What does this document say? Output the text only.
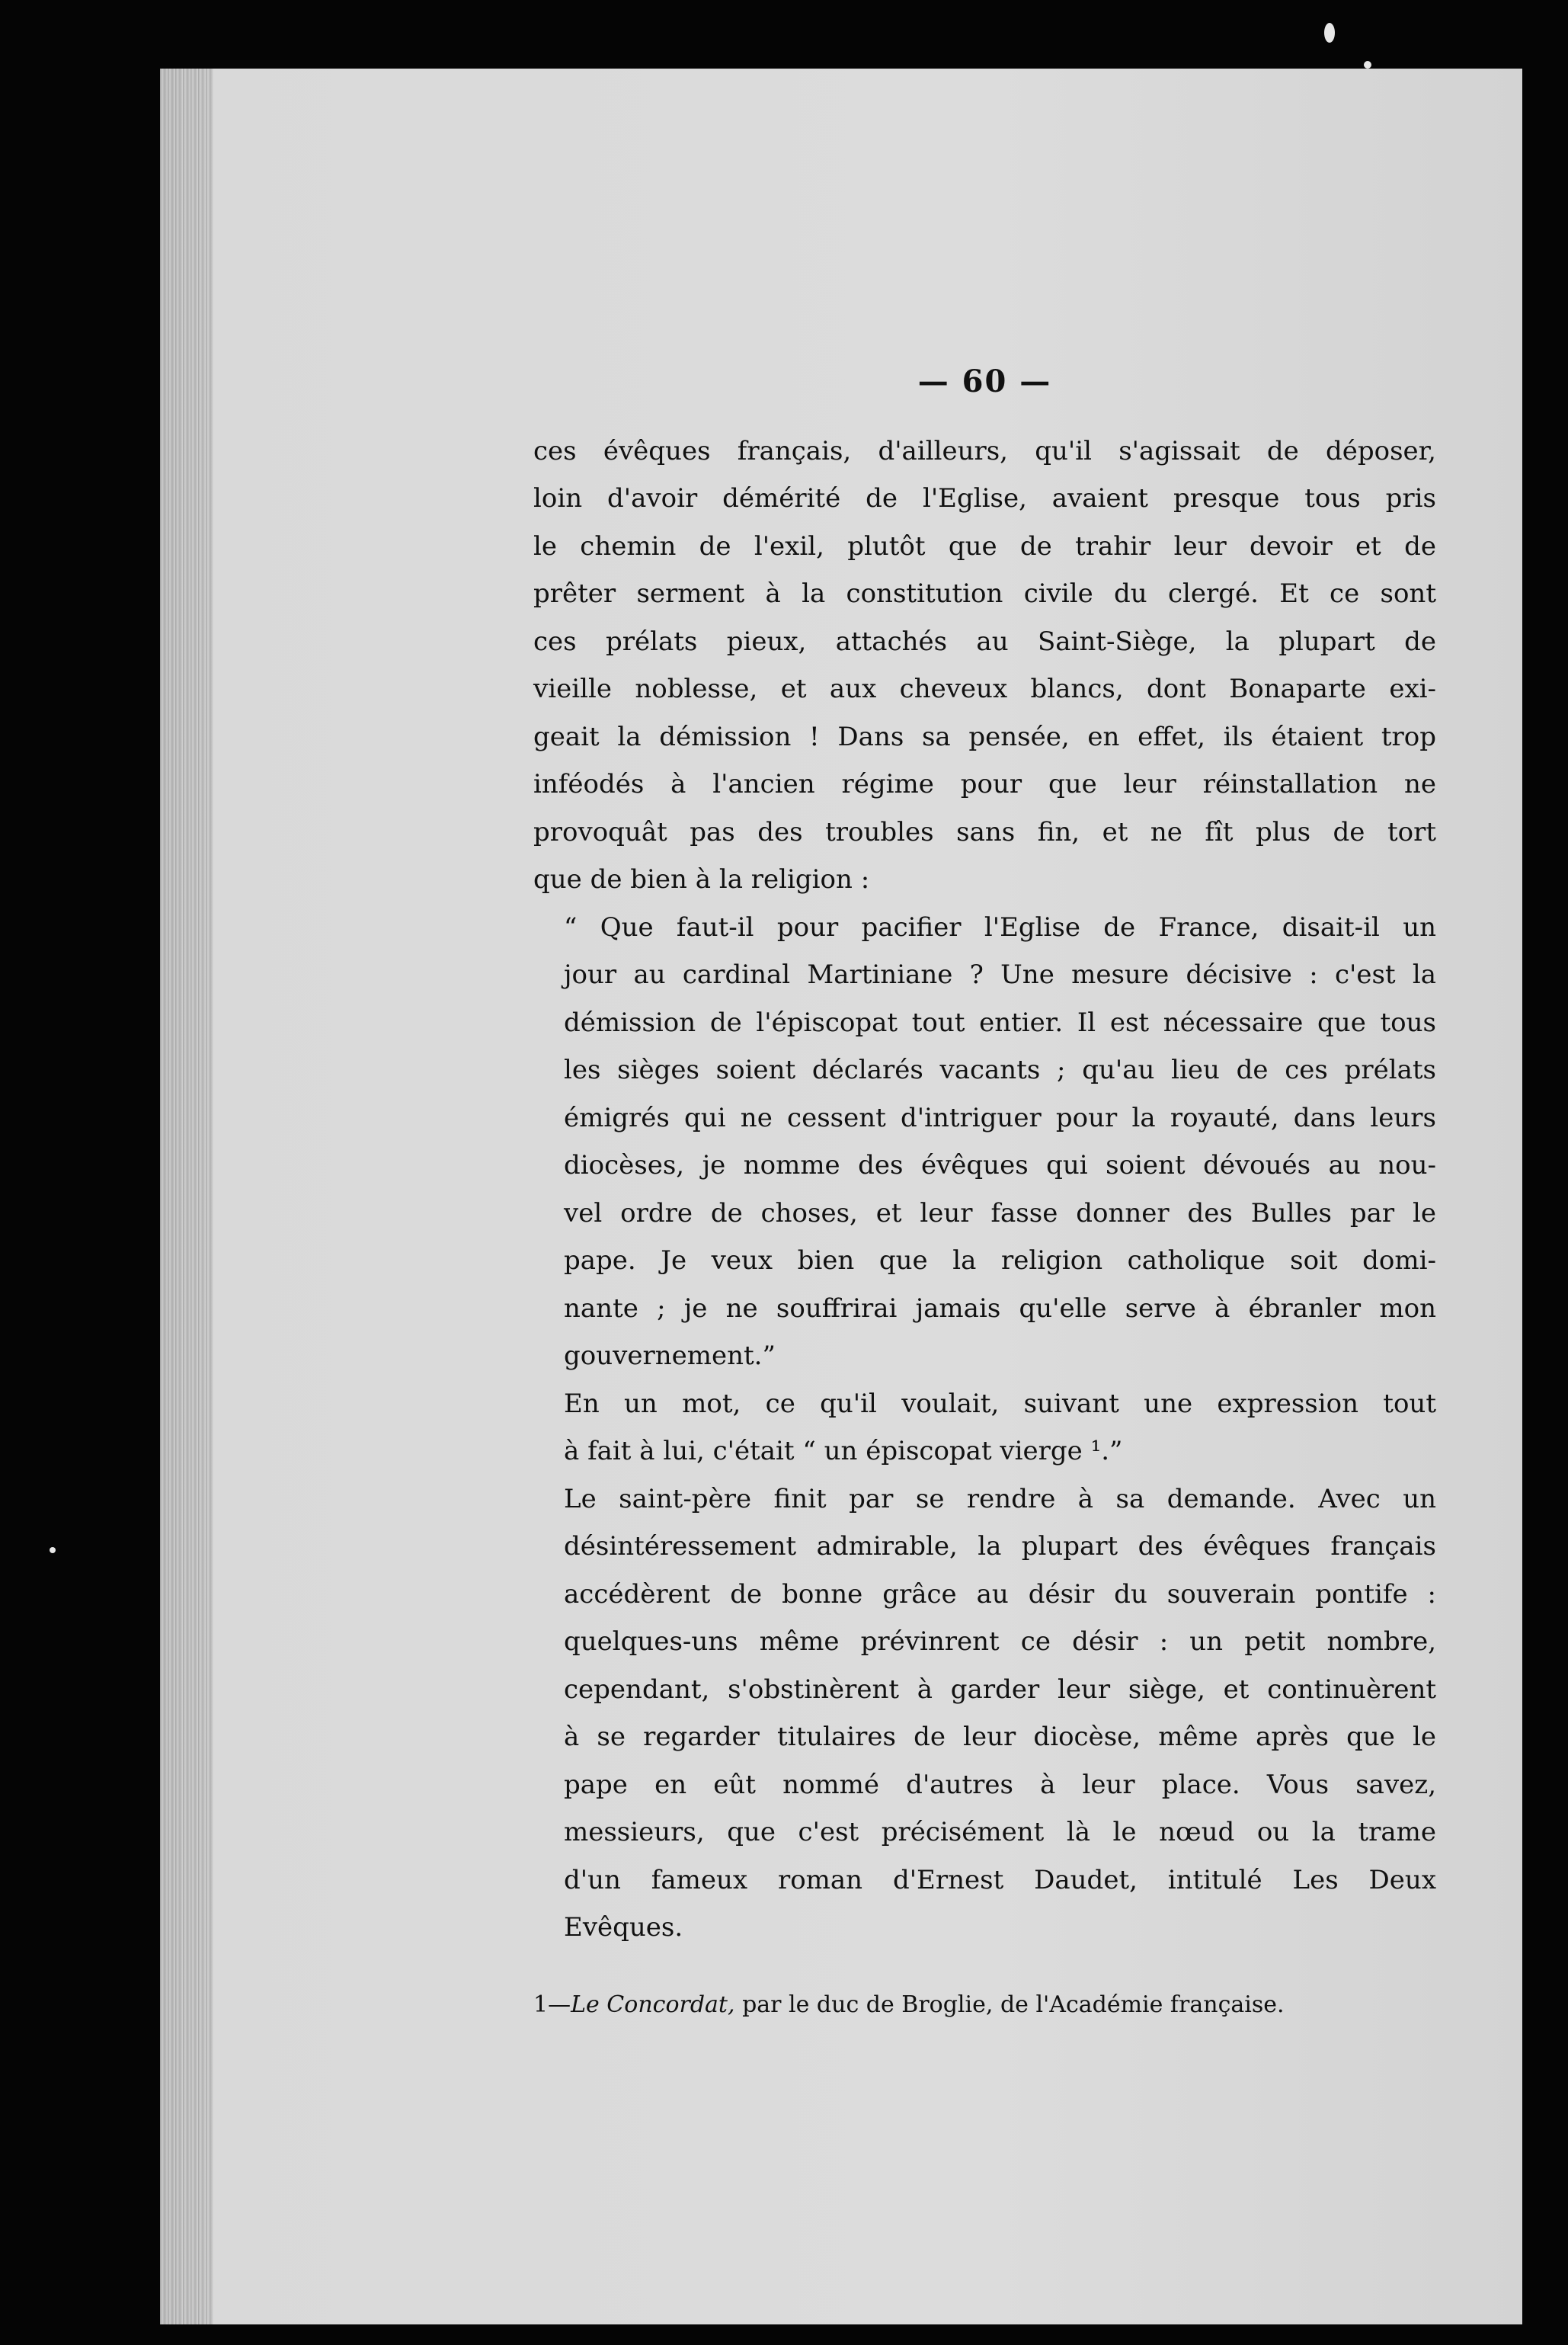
— 60 —
ces évêques français, d'ailleurs, qu'il s'agissait de déposer,
loin d'avoir démérité de l'Eglise, avaient presque tous pris
le chemin de l'exil, plutôt que de trahir leur devoir et de
prêter serment à la constitution civile du clergé. Et ce sont
ces prélats pieux, attachés au Saint-Siège, la plupart de
vieille noblesse, et aux cheveux blancs, dont Bonaparte exi-
geait la démission ! Dans sa pensée, en effet, ils étaient trop
inféodés à l'ancien régime pour que leur réinstallation ne
provoquât pas des troubles sans fin, et ne fît plus de tort
que de bien à la religion :
“ Que faut-il pour pacifier l'Eglise de France, disait-il un
jour au cardinal Martiniane ? Une mesure décisive : c'est la
démission de l'épiscopat tout entier. Il est nécessaire que tous
les sièges soient déclarés vacants ; qu'au lieu de ces prélats
émigrés qui ne cessent d'intriguer pour la royauté, dans leurs
diocèses, je nomme des évêques qui soient dévoués au nou-
vel ordre de choses, et leur fasse donner des Bulles par le
pape. Je veux bien que la religion catholique soit domi-
nante ; je ne souffrirai jamais qu'elle serve à ébranler mon
gouvernement.”
En un mot, ce qu'il voulait, suivant une expression tout
à fait à lui, c'était “ un épiscopat vierge ¹.”
Le saint-père finit par se rendre à sa demande. Avec un
désintéressement admirable, la plupart des évêques français
accédèrent de bonne grâce au désir du souverain pontife :
quelques-uns même prévinrent ce désir : un petit nombre,
cependant, s'obstinèrent à garder leur siège, et continuèrent
à se regarder titulaires de leur diocèse, même après que le
pape en eût nommé d'autres à leur place. Vous savez,
messieurs, que c'est précisément là le nœud ou la trame
d'un fameux roman d'Ernest Daudet, intitulé Les Deux
Evêques.
1—Le Concordat, par le duc de Broglie, de l'Académie française.
